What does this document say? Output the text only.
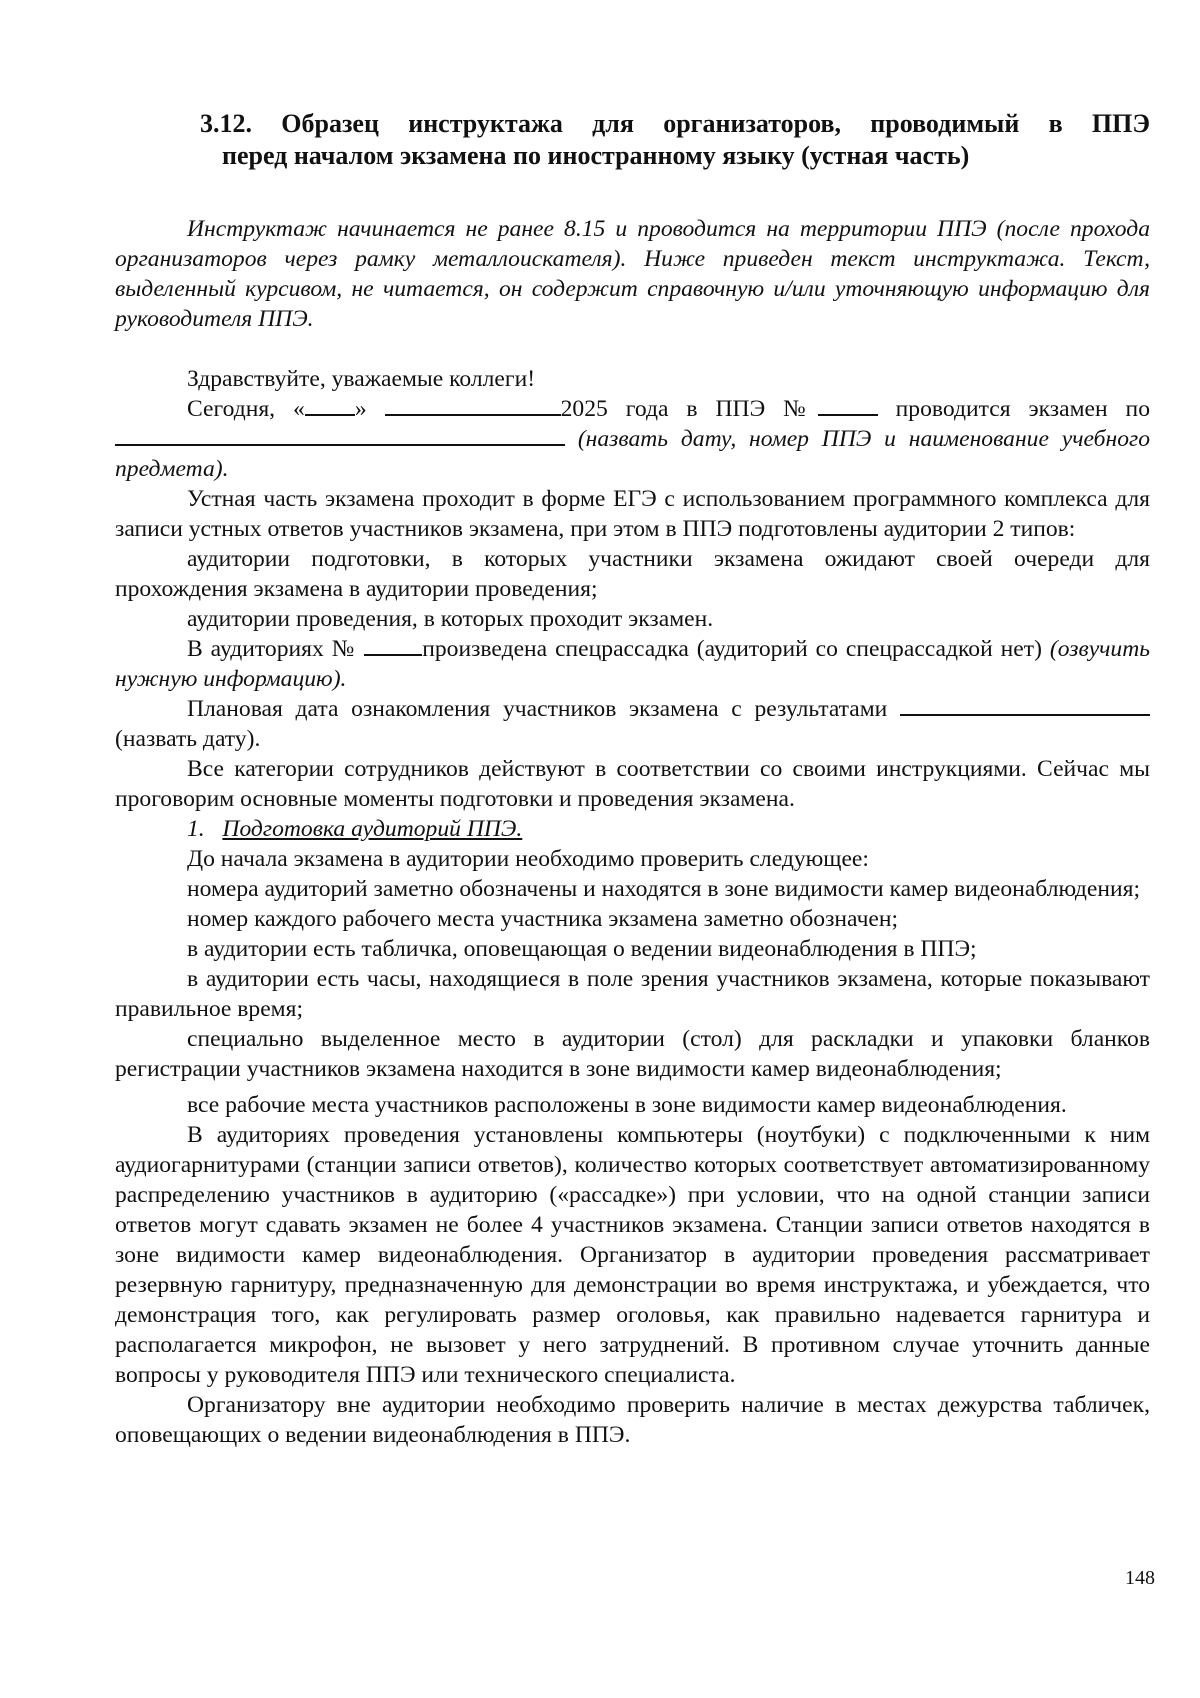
3.12. Образец инструктажа для организаторов, проводимый в ППЭ
перед началом экзамена по иностранному языку (устная часть)

Инструктаж начинается не ранее 8.15 и проводится на территории ППЭ (после прохода организаторов через рамку металлоискателя). Ниже приведен текст инструктажа. Текст, выделенный курсивом, не читается, он содержит справочную и/или уточняющую информацию для руководителя ППЭ.

Здравствуйте, уважаемые коллеги!

Сегодня, « »	2025 года в ППЭ №	проводится экзамен по  (назвать дату, номер ППЭ и наименование учебного предмета).

Устная часть экзамена проходит в форме ЕГЭ с использованием программного комплекса для записи устных ответов участников экзамена, при этом в ППЭ подготовлены аудитории 2 типов:

аудитории подготовки, в которых участники экзамена ожидают своей очереди для прохождения экзамена в аудитории проведения;

аудитории проведения, в которых проходит экзамен.

В аудиториях №	произведена спецрассадка (аудиторий со спецрассадкой нет) (озвучить нужную информацию).

Плановая дата ознакомления участников экзамена с результатами (назвать дату).

Все категории сотрудников действуют в соответствии со своими инструкциями. Сейчас мы проговорим основные моменты подготовки и проведения экзамена.

1. Подготовка аудиторий ППЭ.

До начала экзамена в аудитории необходимо проверить следующее:

номера аудиторий заметно обозначены и находятся в зоне видимости камер видеонаблюдения;

номер каждого рабочего места участника экзамена заметно обозначен;

в аудитории есть табличка, оповещающая о ведении видеонаблюдения в ППЭ;

в аудитории есть часы, находящиеся в поле зрения участников экзамена, которые показывают правильное время;

специально выделенное место в аудитории (стол) для раскладки и упаковки бланков регистрации участников экзамена находится в зоне видимости камер видеонаблюдения;

все рабочие места участников расположены в зоне видимости камер видеонаблюдения.

В аудиториях проведения установлены компьютеры (ноутбуки) с подключенными к ним аудиогарнитурами (станции записи ответов), количество которых соответствует автоматизированному распределению участников в аудиторию («рассадке») при условии, что на одной станции записи ответов могут сдавать экзамен не более 4 участников экзамена. Станции записи ответов находятся в зоне видимости камер видеонаблюдения. Организатор в аудитории проведения рассматривает резервную гарнитуру, предназначенную для демонстрации во время инструктажа, и убеждается, что демонстрация того, как регулировать размер оголовья, как правильно надевается гарнитура и располагается микрофон, не вызовет у него затруднений. В противном случае уточнить данные вопросы у руководителя ППЭ или технического специалиста.

Организатору вне аудитории необходимо проверить наличие в местах дежурства табличек, оповещающих о ведении видеонаблюдения в ППЭ.

148
